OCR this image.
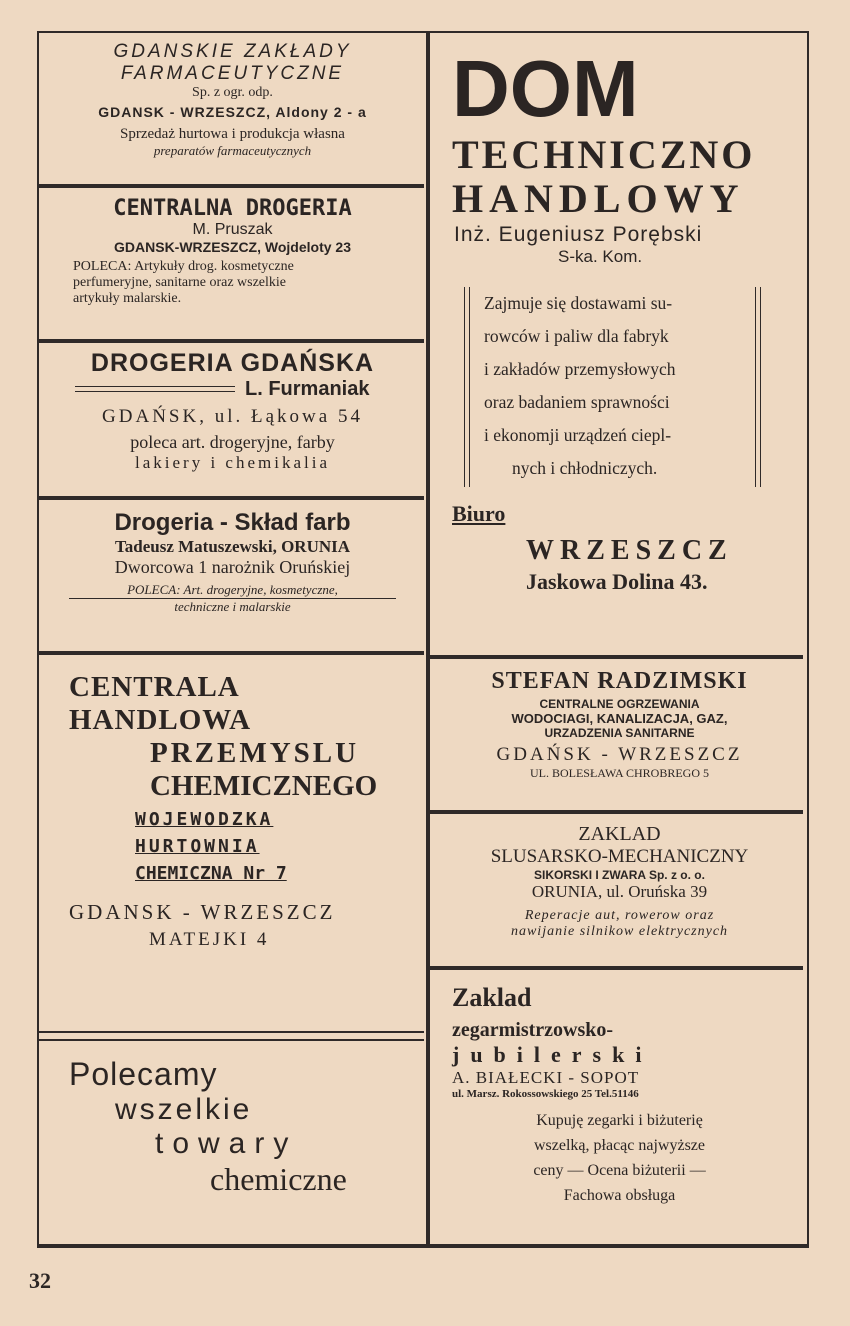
GDANSKIE ZAKŁADY
FARMACEUTYCZNE
Sp. z ogr. odp.
GDANSK - WRZESZCZ, Aldony 2 - a
Sprzedaż hurtowa i produkcja własna
preparatów farmaceutycznych
CENTRALNA DROGERIA
M. Pruszak
GDANSK-WRZESZCZ, Wojdeloty 23
POLECA: Artykuły drog. kosmetyczne
perfumeryjne, sanitarne oraz wszelkie
artykuły malarskie.
DROGERIA GDAŃSKA
L. Furmaniak
GDAŃSK, ul. Łąkowa 54
poleca art. drogeryjne, farby
lakiery i chemikalia
Drogeria - Skład farb
Tadeusz Matuszewski, ORUNIA
Dworcowa 1 narożnik Oruńskiej
POLECA: Art. drogeryjne, kosmetyczne,
techniczne i malarskie
CENTRALA
HANDLOWA
PRZEMYSLU
CHEMICZNEGO
WOJEWODZKA
HURTOWNIA
CHEMICZNA Nr 7
GDANSK - WRZESZCZ
MATEJKI 4
Polecamy
wszelkie
towary
chemiczne
DOM
TECHNICZNO
HANDLOWY
Inż. Eugeniusz Porębski
S-ka. Kom.
Zajmuje się dostawami su-
rowców i paliw dla fabryk
i zakładów przemysłowych
oraz badaniem sprawności
i ekonomji urządzeń ciepl-
nych i chłodniczych.
Biuro
WRZESZCZ
Jaskowa Dolina 43.
STEFAN RADZIMSKI
CENTRALNE OGRZEWANIA
WODOCIAGI, KANALIZACJA, GAZ,
URZADZENIA SANITARNE
GDAŃSK - WRZESZCZ
UL. BOLESŁAWA CHROBREGO 5
ZAKLAD
SLUSARSKO-MECHANICZNY
SIKORSKI I ZWARA Sp. z o. o.
ORUNIA, ul. Oruńska 39
Reperacje aut, rowerow oraz
nawijanie silnikow elektrycznych
Zaklad
zegarmistrzowsko-
jubilerski
A. BIAŁECKI - SOPOT
ul. Marsz. Rokossowskiego 25 Tel.51146
Kupuję zegarki i biżuterię
wszelką, płacąc najwyższe
ceny — Ocena biżuterii —
Fachowa obsługa
32
